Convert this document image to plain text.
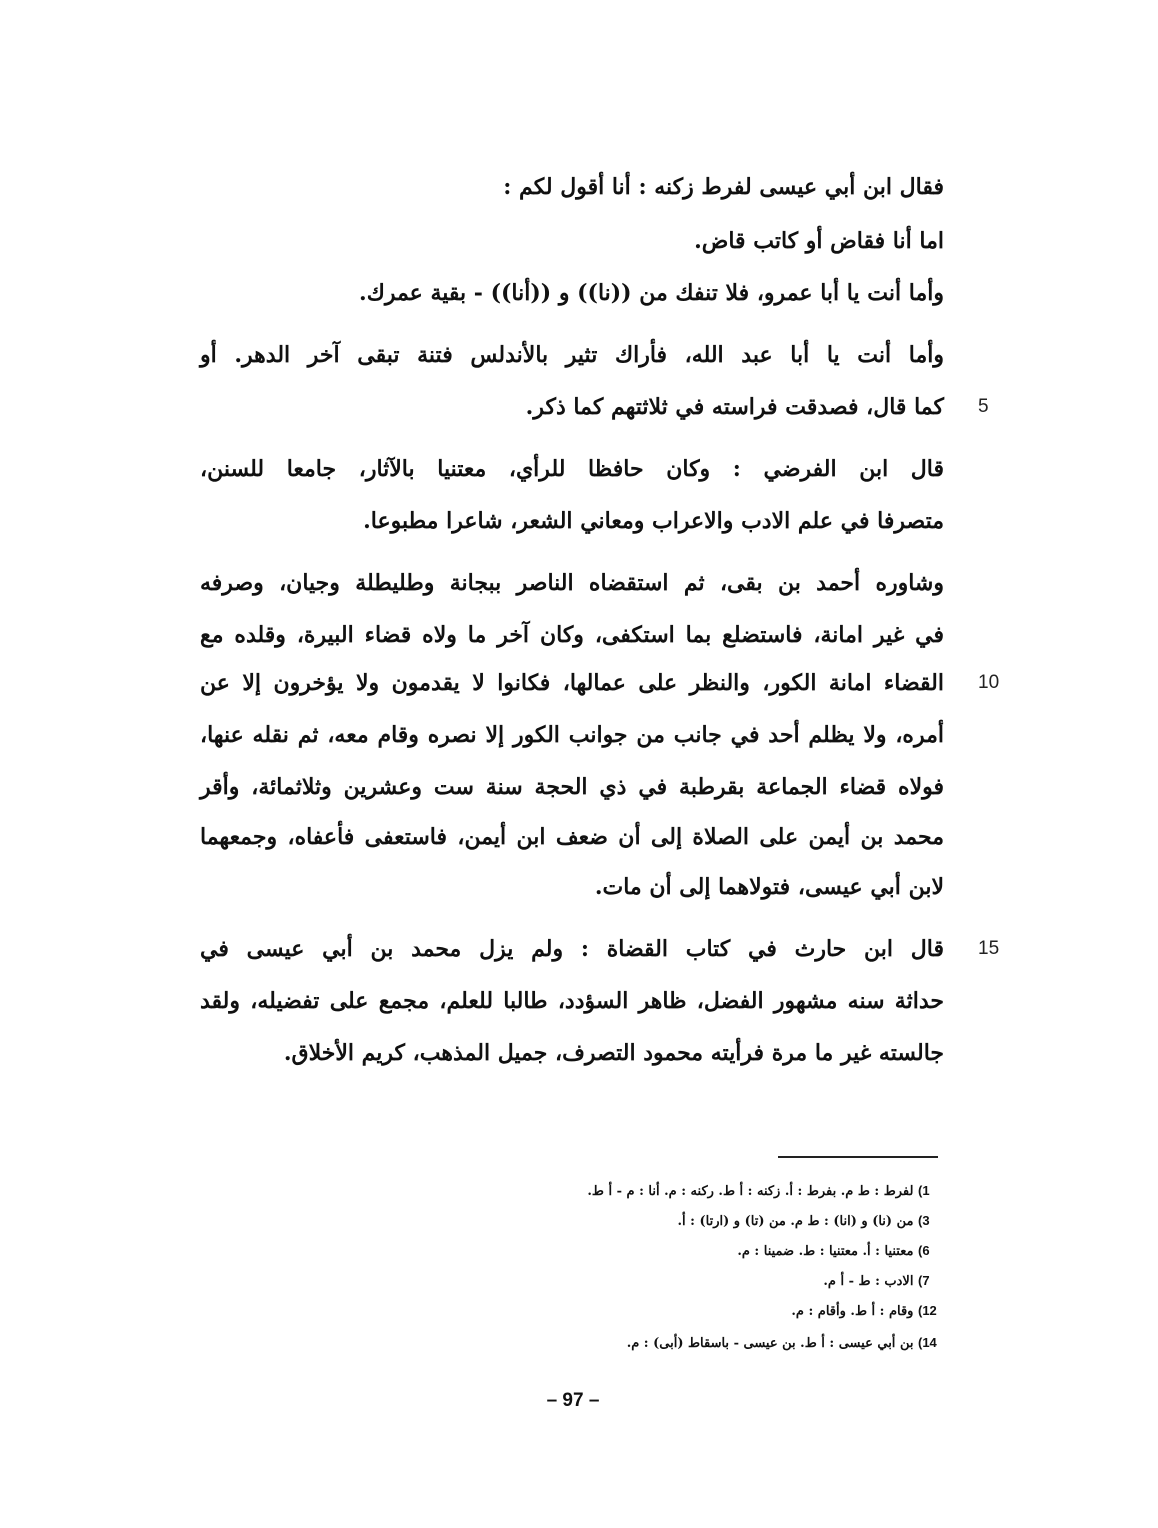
فقال ابن أبي عيسى لفرط زكنه : أنا أقول لكم :
اما أنا فقاض أو كاتب قاض.
وأما أنت يا أبا عمرو، فلا تنفك من ((نا)) و ((أنا)) - بقية عمرك.
وأما أنت يا أبا عبد الله، فأراك تثير بالأندلس فتنة تبقى آخر الدهر. أو
كما قال، فصدقت فراسته في ثلاثتهم كما ذكر. 5
قال ابن الفرضي : وكان حافظا للرأي، معتنيا بالآثار، جامعا للسنن،
متصرفا في علم الادب والاعراب ومعاني الشعر، شاعرا مطبوعا.
وشاوره أحمد بن بقى، ثم استقضاه الناصر ببجانة وطليطلة وجيان، وصرفه
في غير امانة، فاستضلع بما استكفى، وكان آخر ما ولاه قضاء البيرة، وقلده مع
القضاء امانة الكور، والنظر على عمالها، فكانوا لا يقدمون ولا يؤخرون إلا عن 10
أمره، ولا يظلم أحد في جانب من جوانب الكور إلا نصره وقام معه، ثم نقله عنها،
فولاه قضاء الجماعة بقرطبة في ذي الحجة سنة ست وعشرين وثلاثمائة، وأقر
محمد بن أيمن على الصلاة إلى أن ضعف ابن أيمن، فاستعفى فأعفاه، وجمعهما
لابن أبي عيسى، فتولاهما إلى أن مات.
قال ابن حارث في كتاب القضاة : ولم يزل محمد بن أبي عيسى في 15
حداثة سنه مشهور الفضل، ظاهر السؤدد، طالبا للعلم، مجمع على تفضيله، ولقد
جالسته غير ما مرة فرأيته محمود التصرف، جميل المذهب، كريم الأخلاق.
(1 لفرط : ط م. بفرط : أ. زكنه : أ ط. ركنه : م. أنا : م - أ ط.
(3 من (نا) و (انا) : ط م. من (تا) و (ارتا) : أ.
(6 معتنيا : أ. معتنيا : ط. ضمينا : م.
(7 الادب : ط - أ م.
(12 وقام : أ ط. وأقام : م.
(14 بن أبي عيسى : أ ط. بن عيسى - باسقاط (أبى) : م.
– 97 –
